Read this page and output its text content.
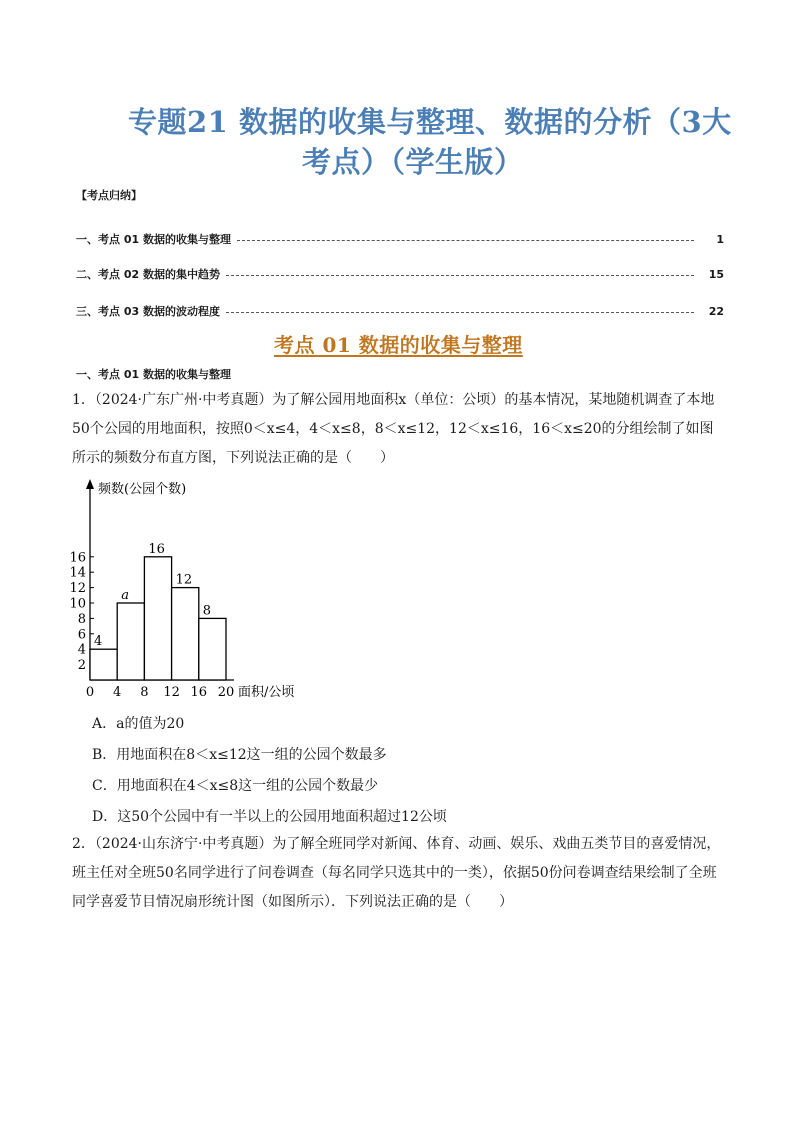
专题21 数据的收集与整理、数据的分析（3大
考点）（学生版）
【考点归纳】
一、考点 01 数据的收集与整理	1
二、考点 02 数据的集中趋势	15
三、考点 03 数据的波动程度	22
考点 01 数据的收集与整理
一、考点 01 数据的收集与整理
1．（2024·广东广州·中考真题）为了解公园用地面积x（单位：公顷）的基本情况，某地随机调查了本地50个公园的用地面积，按照0＜x≤4，4＜x≤8，8＜x≤12，12＜x≤16，16＜x≤20的分组绘制了如图所示的频数分布直方图，下列说法正确的是（　　）
频数(公园个数)
面积/公顷
2
4
6
8
10
12
14
16
0 4 8 12 16 20
4
a
16
12
8
A．a的值为20
B．用地面积在8＜x≤12这一组的公园个数最多
C．用地面积在4＜x≤8这一组的公园个数最少
D．这50个公园中有一半以上的公园用地面积超过12公顷
2．（2024·山东济宁·中考真题）为了解全班同学对新闻、体育、动画、娱乐、戏曲五类节目的喜爱情况，班主任对全班50名同学进行了问卷调查（每名同学只选其中的一类），依据50份问卷调查结果绘制了全班同学喜爱节目情况扇形统计图（如图所示）．下列说法正确的是（　　）
